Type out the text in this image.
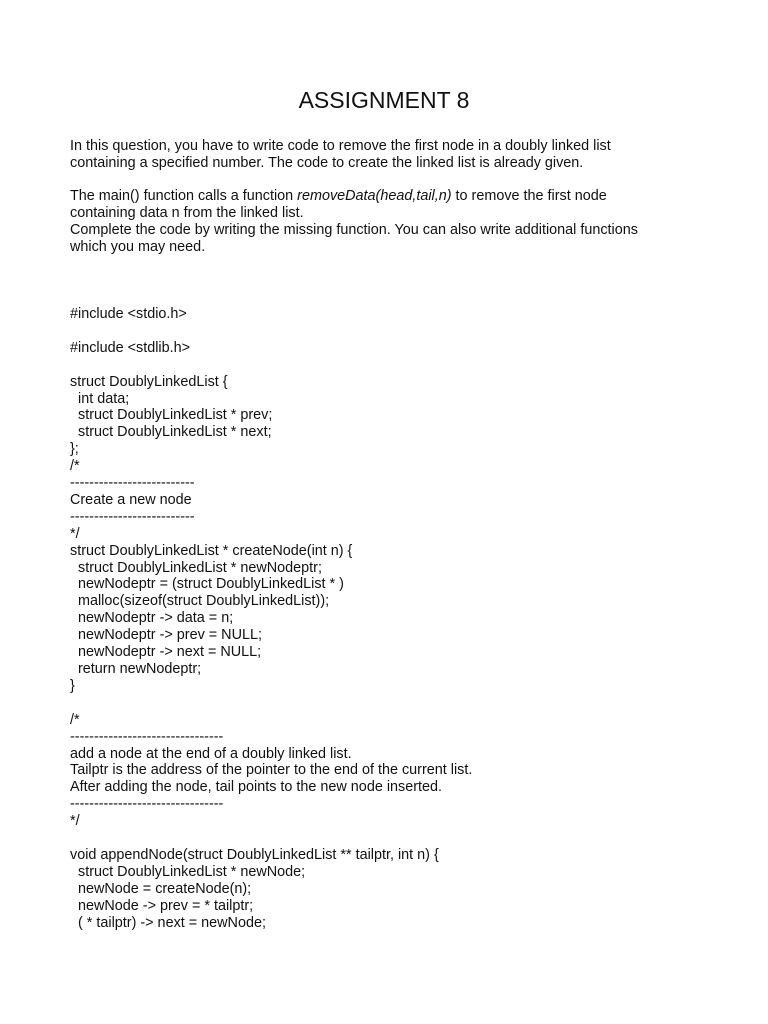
ASSIGNMENT 8
In this question, you have to write code to remove the first node in a doubly linked list
containing a specified number. The code to create the linked list is already given.
The main() function calls a function removeData(head,tail,n) to remove the first node
containing data n from the linked list.
Complete the code by writing the missing function. You can also write additional functions
which you may need.
#include <stdio.h>
#include <stdlib.h>
struct DoublyLinkedList {
int data;
struct DoublyLinkedList * prev;
struct DoublyLinkedList * next;
};
/*
--------------------------
Create a new node
--------------------------
*/
struct DoublyLinkedList * createNode(int n) {
struct DoublyLinkedList * newNodeptr;
newNodeptr = (struct DoublyLinkedList * )
malloc(sizeof(struct DoublyLinkedList));
newNodeptr -> data = n;
newNodeptr -> prev = NULL;
newNodeptr -> next = NULL;
return newNodeptr;
}
/*
--------------------------------
add a node at the end of a doubly linked list.
Tailptr is the address of the pointer to the end of the current list.
After adding the node, tail points to the new node inserted.
--------------------------------
*/
void appendNode(struct DoublyLinkedList ** tailptr, int n) {
struct DoublyLinkedList * newNode;
newNode = createNode(n);
newNode -> prev = * tailptr;
( * tailptr) -> next = newNode;
